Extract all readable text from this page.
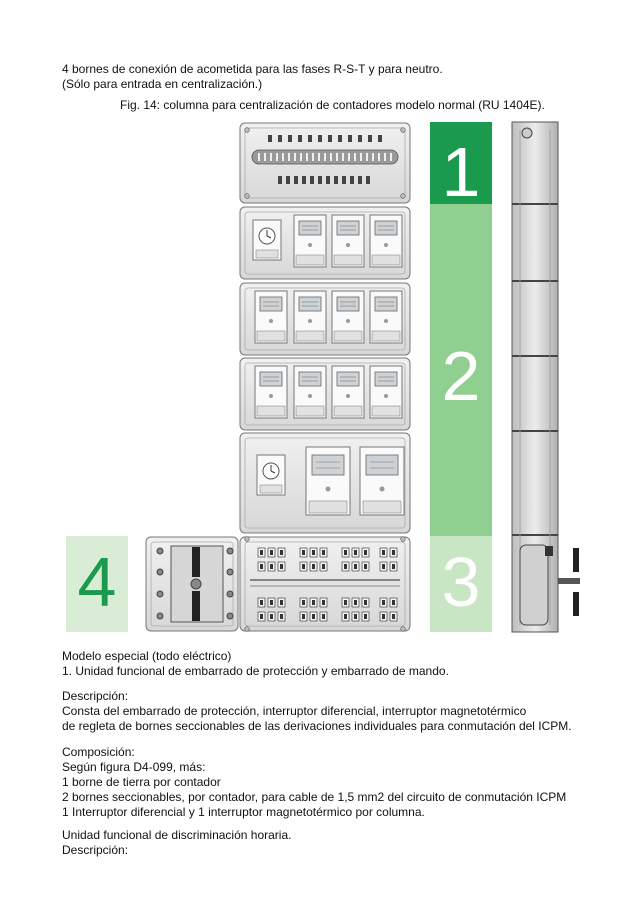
4 bornes de conexión de acometida para las fases R-S-T y para neutro.
(Sólo para entrada en centralización.)

Fig. 14: columna para centralización de contadores modelo normal (RU 1404E).
1
2
3
4

Modelo especial (todo eléctrico)
1. Unidad funcional de embarrado de protección y embarrado de mando.

Descripción:
Consta del embarrado de protección, interruptor diferencial, interruptor magnetotérmico
de regleta de bornes seccionables de las derivaciones individuales para conmutación del ICPM.

Composición:
Según figura D4-099, más:
1 borne de tierra por contador
2 bornes seccionables, por contador, para cable de 1,5 mm2 del circuito de conmutación ICPM
1 Interruptor diferencial y 1 interruptor magnetotérmico por columna.

Unidad funcional de discriminación horaria.
Descripción:
